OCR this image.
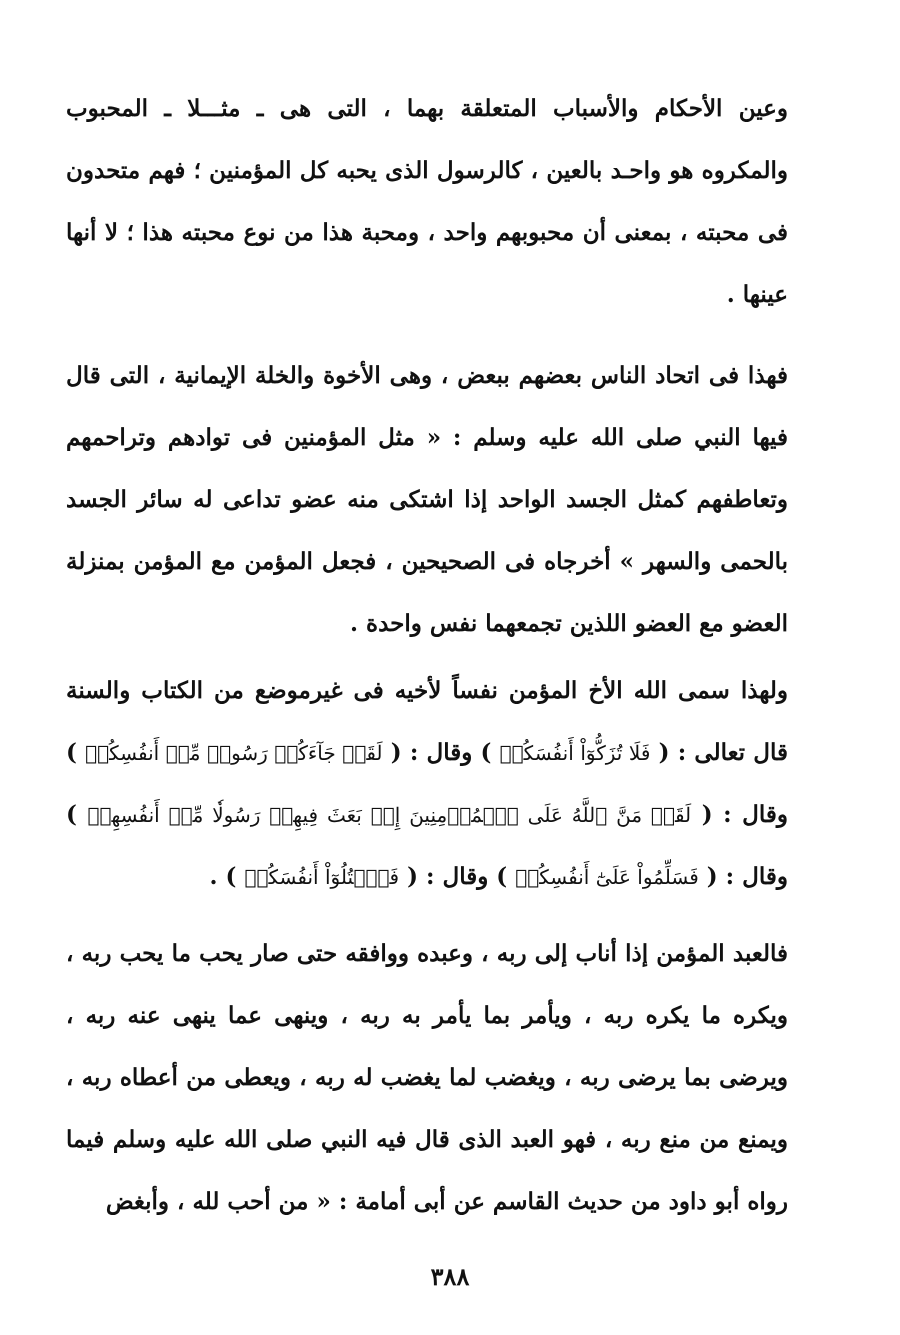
وعين الأحكام والأسباب المتعلقة بهما ، التى هى ـ مثـــلا ـ المحبوب والمكروه هو واحـد بالعين ، كالرسول الذى يحبه كل المؤمنين ؛ فهم متحدون فى محبته ، بمعنى أن محبوبهم واحد ، ومحبة هذا من نوع محبته هذا ؛ لا أنها عينها .

فهذا فى اتحاد الناس بعضهم ببعض ، وهى الأخوة والخلة الإيمانية ، التى قال فيها النبي صلى الله عليه وسلم : « مثل المؤمنين فى توادهم وتراحمهم وتعاطفهم كمثل الجسد الواحد إذا اشتكى منه عضو تداعى له سائر الجسد بالحمى والسهر » أخرجاه فى الصحيحين ، فجعل المؤمن مع المؤمن بمنزلة العضو مع العضو اللذين تجمعهما نفس واحدة .

ولهذا سمى الله الأخ المؤمن نفساً لأخيه فى غيرموضع من الكتاب والسنة قال تعالى : ( فَلَا تُزَكُّوٓاْ أَنفُسَكُمۡ ) وقال : ( لَقَدۡ جَآءَكُمۡ رَسُولٞ مِّنۡ أَنفُسِكُمۡ ) وقال : ( لَقَدۡ مَنَّ ٱللَّهُ عَلَى ٱلۡمُؤۡمِنِينَ إِذۡ بَعَثَ فِيهِمۡ رَسُولٗا مِّنۡ أَنفُسِهِمۡ ) وقال : ( فَسَلِّمُواْ عَلَىٰٓ أَنفُسِكُمۡ ) وقال : ( فَٱقۡتُلُوٓاْ أَنفُسَكُمۡ ) .

فالعبد المؤمن إذا أناب إلى ربه ، وعبده ووافقه حتى صار يحب ما يحب ربه ، ويكره ما يكره ربه ، ويأمر بما يأمر به ربه ، وينهى عما ينهى عنه ربه ، ويرضى بما يرضى ربه ، ويغضب لما يغضب له ربه ، ويعطى من أعطاه ربه ، ويمنع من منع ربه ، فهو العبد الذى قال فيه النبي صلى الله عليه وسلم فيما رواه أبو داود من حديث القاسم عن أبى أمامة : « من أحب لله ، وأبغض

٣٨٨
